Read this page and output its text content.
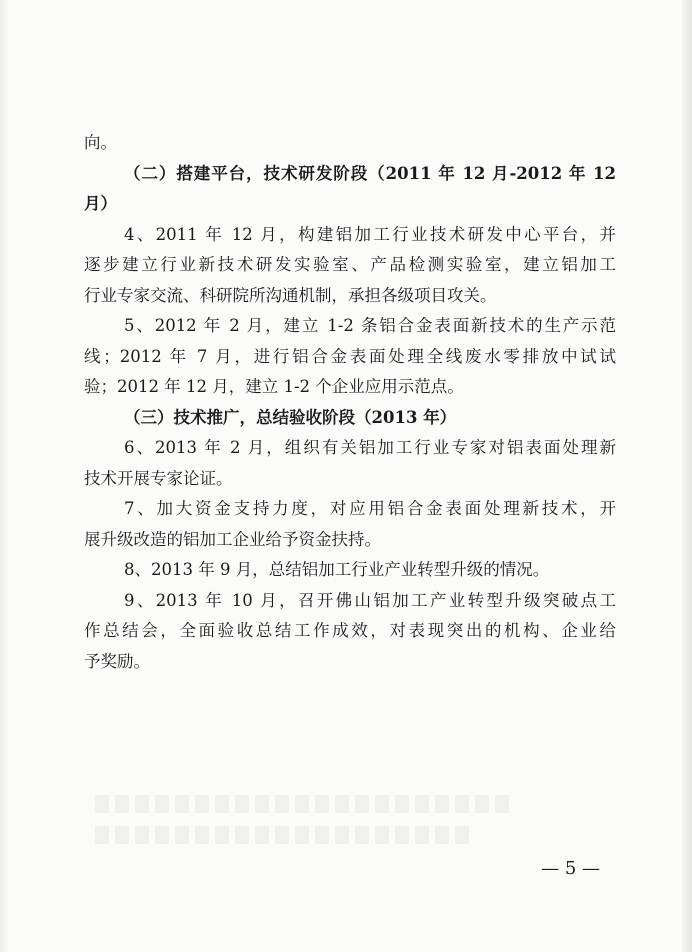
向。
（二）搭建平台，技术研发阶段（2011 年 12 月-2012 年 12
月）
4、2011 年 12 月，构建铝加工行业技术研发中心平台，并
逐步建立行业新技术研发实验室、产品检测实验室，建立铝加工
行业专家交流、科研院所沟通机制，承担各级项目攻关。
5、2012 年 2 月，建立 1-2 条铝合金表面新技术的生产示范
线；2012 年 7 月，进行铝合金表面处理全线废水零排放中试试
验；2012 年 12 月，建立 1-2 个企业应用示范点。
（三）技术推广，总结验收阶段（2013 年）
6、2013 年 2 月，组织有关铝加工行业专家对铝表面处理新
技术开展专家论证。
7、加大资金支持力度，对应用铝合金表面处理新技术，开
展升级改造的铝加工企业给予资金扶持。
8、2013 年 9 月，总结铝加工行业产业转型升级的情况。
9、2013 年 10 月，召开佛山铝加工产业转型升级突破点工
作总结会，全面验收总结工作成效，对表现突出的机构、企业给
予奖励。
— 5 —
